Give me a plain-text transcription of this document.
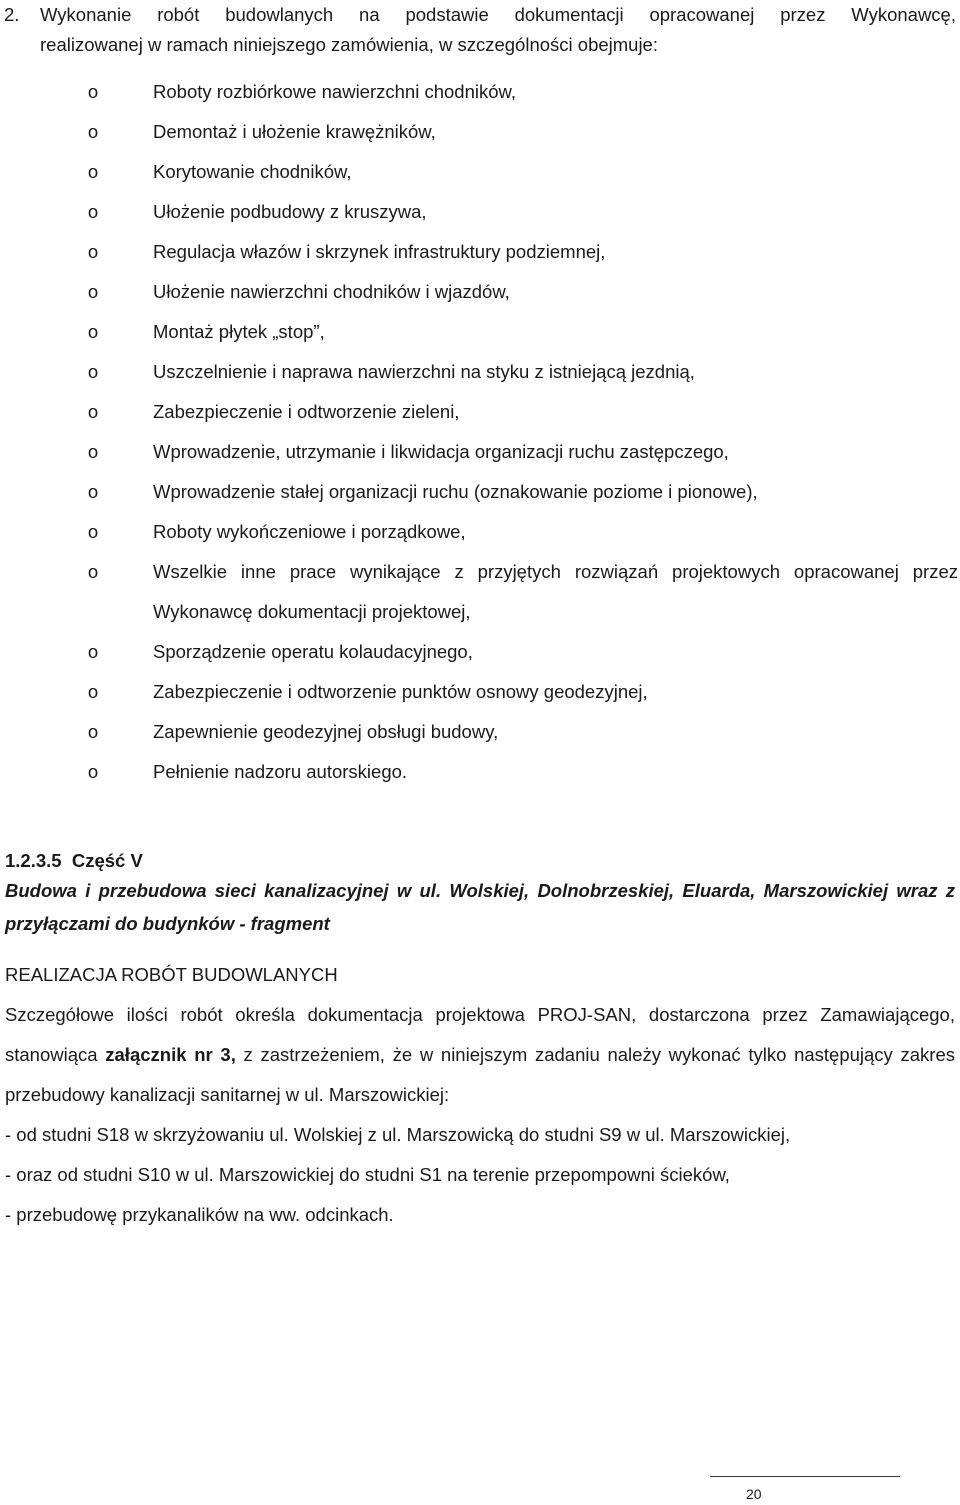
2.	Wykonanie robót budowlanych na podstawie dokumentacji opracowanej przez Wykonawcę,
realizowanej w ramach niniejszego zamówienia, w szczególności obejmuje:
o	Roboty rozbiórkowe nawierzchni chodników,
o	Demontaż i ułożenie krawężników,
o	Korytowanie chodników,
o	Ułożenie podbudowy z kruszywa,
o	Regulacja włazów i skrzynek infrastruktury podziemnej,
o	Ułożenie nawierzchni chodników i wjazdów,
o	Montaż płytek „stop”,
o	Uszczelnienie i naprawa nawierzchni na styku z istniejącą jezdnią,
o	Zabezpieczenie i odtworzenie zieleni,
o	Wprowadzenie, utrzymanie i likwidacja organizacji ruchu zastępczego,
o	Wprowadzenie stałej organizacji ruchu (oznakowanie poziome i pionowe),
o	Roboty wykończeniowe i porządkowe,
o	Wszelkie inne prace wynikające z przyjętych rozwiązań projektowych opracowanej przez
Wykonawcę dokumentacji projektowej,
o	Sporządzenie operatu kolaudacyjnego,
o	Zabezpieczenie i odtworzenie punktów osnowy geodezyjnej,
o	Zapewnienie geodezyjnej obsługi budowy,
o	Pełnienie nadzoru autorskiego.
1.2.3.5 Część V
Budowa i przebudowa sieci kanalizacyjnej w ul. Wolskiej, Dolnobrzeskiej, Eluarda, Marszowickiej wraz z
przyłączami do budynków - fragment
REALIZACJA ROBÓT BUDOWLANYCH
Szczegółowe ilości robót określa dokumentacja projektowa PROJ-SAN, dostarczona przez Zamawiającego,
stanowiąca załącznik nr 3, z zastrzeżeniem, że w niniejszym zadaniu należy wykonać tylko następujący zakres
przebudowy kanalizacji sanitarnej w ul. Marszowickiej:
- od studni S18 w skrzyżowaniu ul. Wolskiej z ul. Marszowicką do studni S9 w ul. Marszowickiej,
- oraz od studni S10 w ul. Marszowickiej do studni S1 na terenie przepompowni ścieków,
- przebudowę przykanalików na ww. odcinkach.
20
